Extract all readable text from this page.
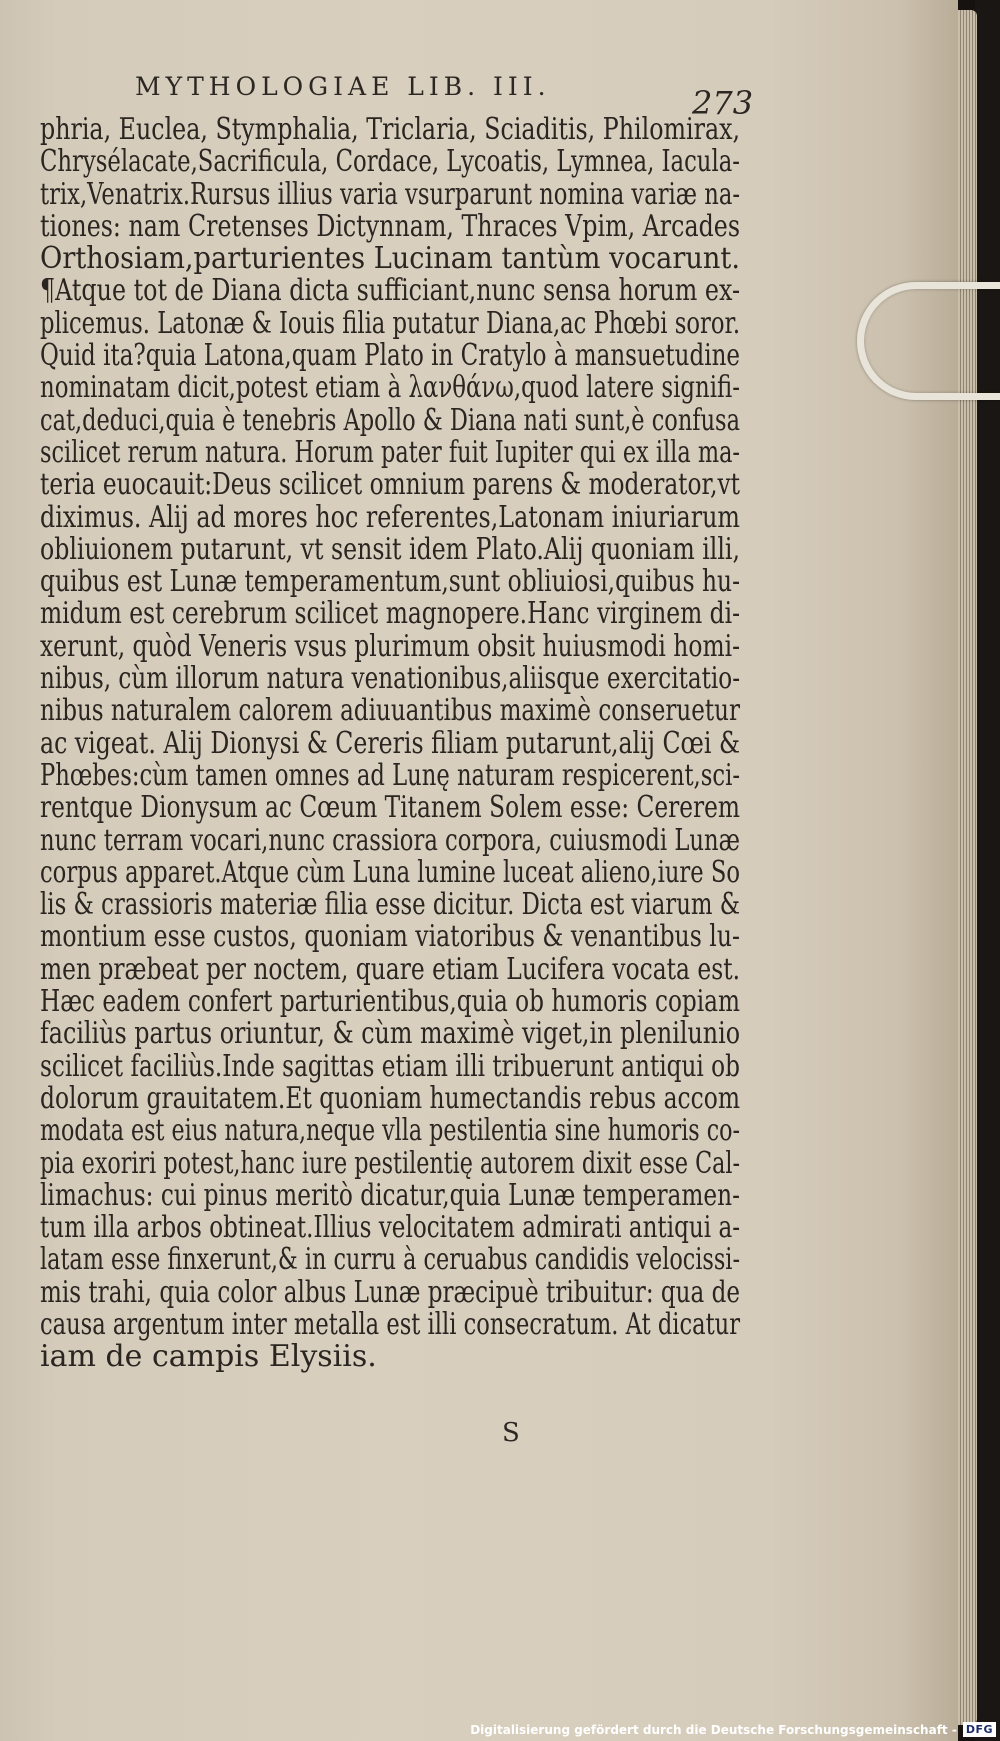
MYTHOLOGIAE LIB. III.	273
phria, Euclea, Stymphalia, Triclaria, Sciaditis, Philomirax,
Chrysélacate,Sacrificula, Cordace, Lycoatis, Lymnea, Iacula-
trix,Venatrix.Rursus illius varia vsurparunt nomina variæ na-
tiones: nam Cretenses Dictynnam, Thraces Vpim, Arcades
Orthosiam,parturientes Lucinam tantùm vocarunt.
¶Atque tot de Diana dicta sufficiant,nunc sensa horum ex-
plicemus. Latonæ & Iouis filia putatur Diana,ac Phœbi soror.
Quid ita?quia Latona,quam Plato in Cratylo à mansuetudine
nominatam dicit,potest etiam à λανθάνω,quod latere signifi-
cat,deduci,quia è tenebris Apollo & Diana nati sunt,è confusa
scilicet rerum natura. Horum pater fuit Iupiter qui ex illa ma-
teria euocauit:Deus scilicet omnium parens & moderator,vt
diximus. Alij ad mores hoc referentes,Latonam iniuriarum
obliuionem putarunt, vt sensit idem Plato.Alij quoniam illi,
quibus est Lunæ temperamentum,sunt obliuiosi,quibus hu-
midum est cerebrum scilicet magnopere.Hanc virginem di-
xerunt, quòd Veneris vsus plurimum obsit huiusmodi homi-
nibus, cùm illorum natura venationibus,aliisque exercitatio-
nibus naturalem calorem adiuuantibus maximè conseruetur
ac vigeat. Alij Dionysi & Cereris filiam putarunt,alij Cœi &
Phœbes:cùm tamen omnes ad Lunę naturam respicerent,sci-
rentque Dionysum ac Cœum Titanem Solem esse: Cererem
nunc terram vocari,nunc crassiora corpora, cuiusmodi Lunæ
corpus apparet.Atque cùm Luna lumine luceat alieno,iure So
lis & crassioris materiæ filia esse dicitur. Dicta est viarum &
montium esse custos, quoniam viatoribus & venantibus lu-
men præbeat per noctem, quare etiam Lucifera vocata est.
Hæc eadem confert parturientibus,quia ob humoris copiam
faciliùs partus oriuntur, & cùm maximè viget,in plenilunio
scilicet faciliùs.Inde sagittas etiam illi tribuerunt antiqui ob
dolorum grauitatem.Et quoniam humectandis rebus accom
modata est eius natura,neque vlla pestilentia sine humoris co-
pia exoriri potest,hanc iure pestilentię autorem dixit esse Cal-
limachus: cui pinus meritò dicatur,quia Lunæ temperamen-
tum illa arbos obtineat.Illius velocitatem admirati antiqui a-
latam esse finxerunt,& in curru à ceruabus candidis velocissi-
mis trahi, quia color albus Lunæ præcipuè tribuitur: qua de
causa argentum inter metalla est illi consecratum. At dicatur
iam de campis Elysiis.
S
Digitalisierung gefördert durch die Deutsche Forschungsgemeinschaft - DFG
